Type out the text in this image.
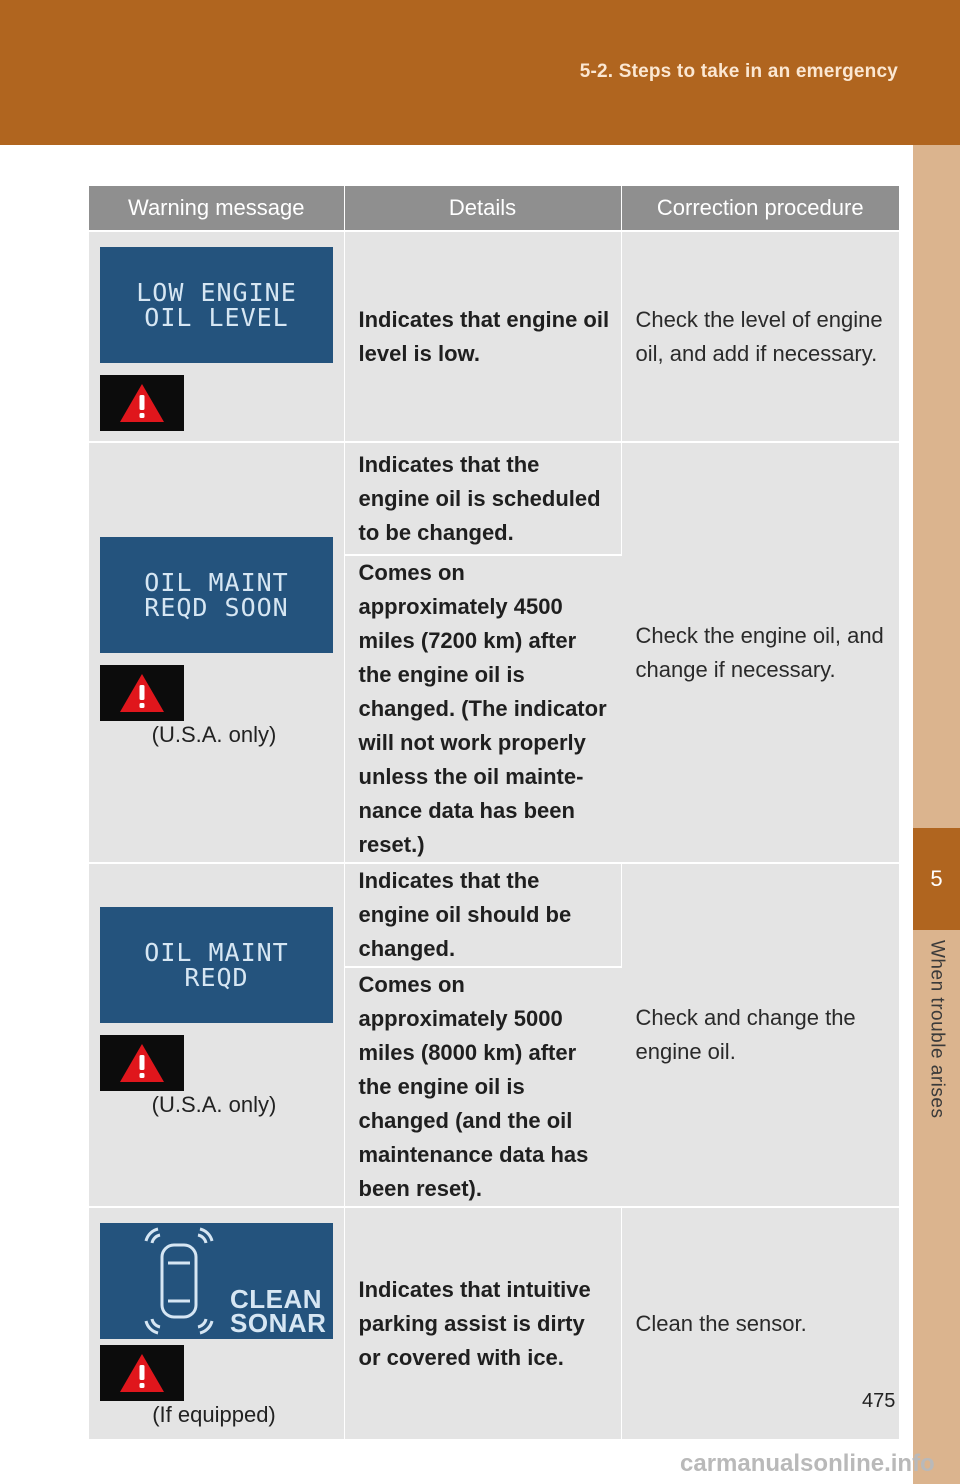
5-2. Steps to take in an emergency
5
When trouble arises
Warning message	Details	Correction procedure

LOW ENGINE
OIL LEVEL	Indicates that engine oil level is low.	Check the level of engine oil, and add if necessary.

OIL MAINT
REQD SOON
(U.S.A. only)	Indicates that the engine oil is scheduled to be changed.	Check the engine oil, and change if necessary.
	Comes on approximately 4500 miles (7200 km) after the engine oil is changed. (The indicator will not work properly unless the oil mainte-nance data has been reset.)	

OIL MAINT
REQD
(U.S.A. only)	Indicates that the engine oil should be changed.	Check and change the engine oil.
	Comes on approximately 5000 miles (8000 km) after the engine oil is changed (and the oil maintenance data has been reset).	

CLEAN
SONAR
(If equipped)	Indicates that intuitive parking assist is dirty or covered with ice.	Clean the sensor.
475
carmanualsonline.info
